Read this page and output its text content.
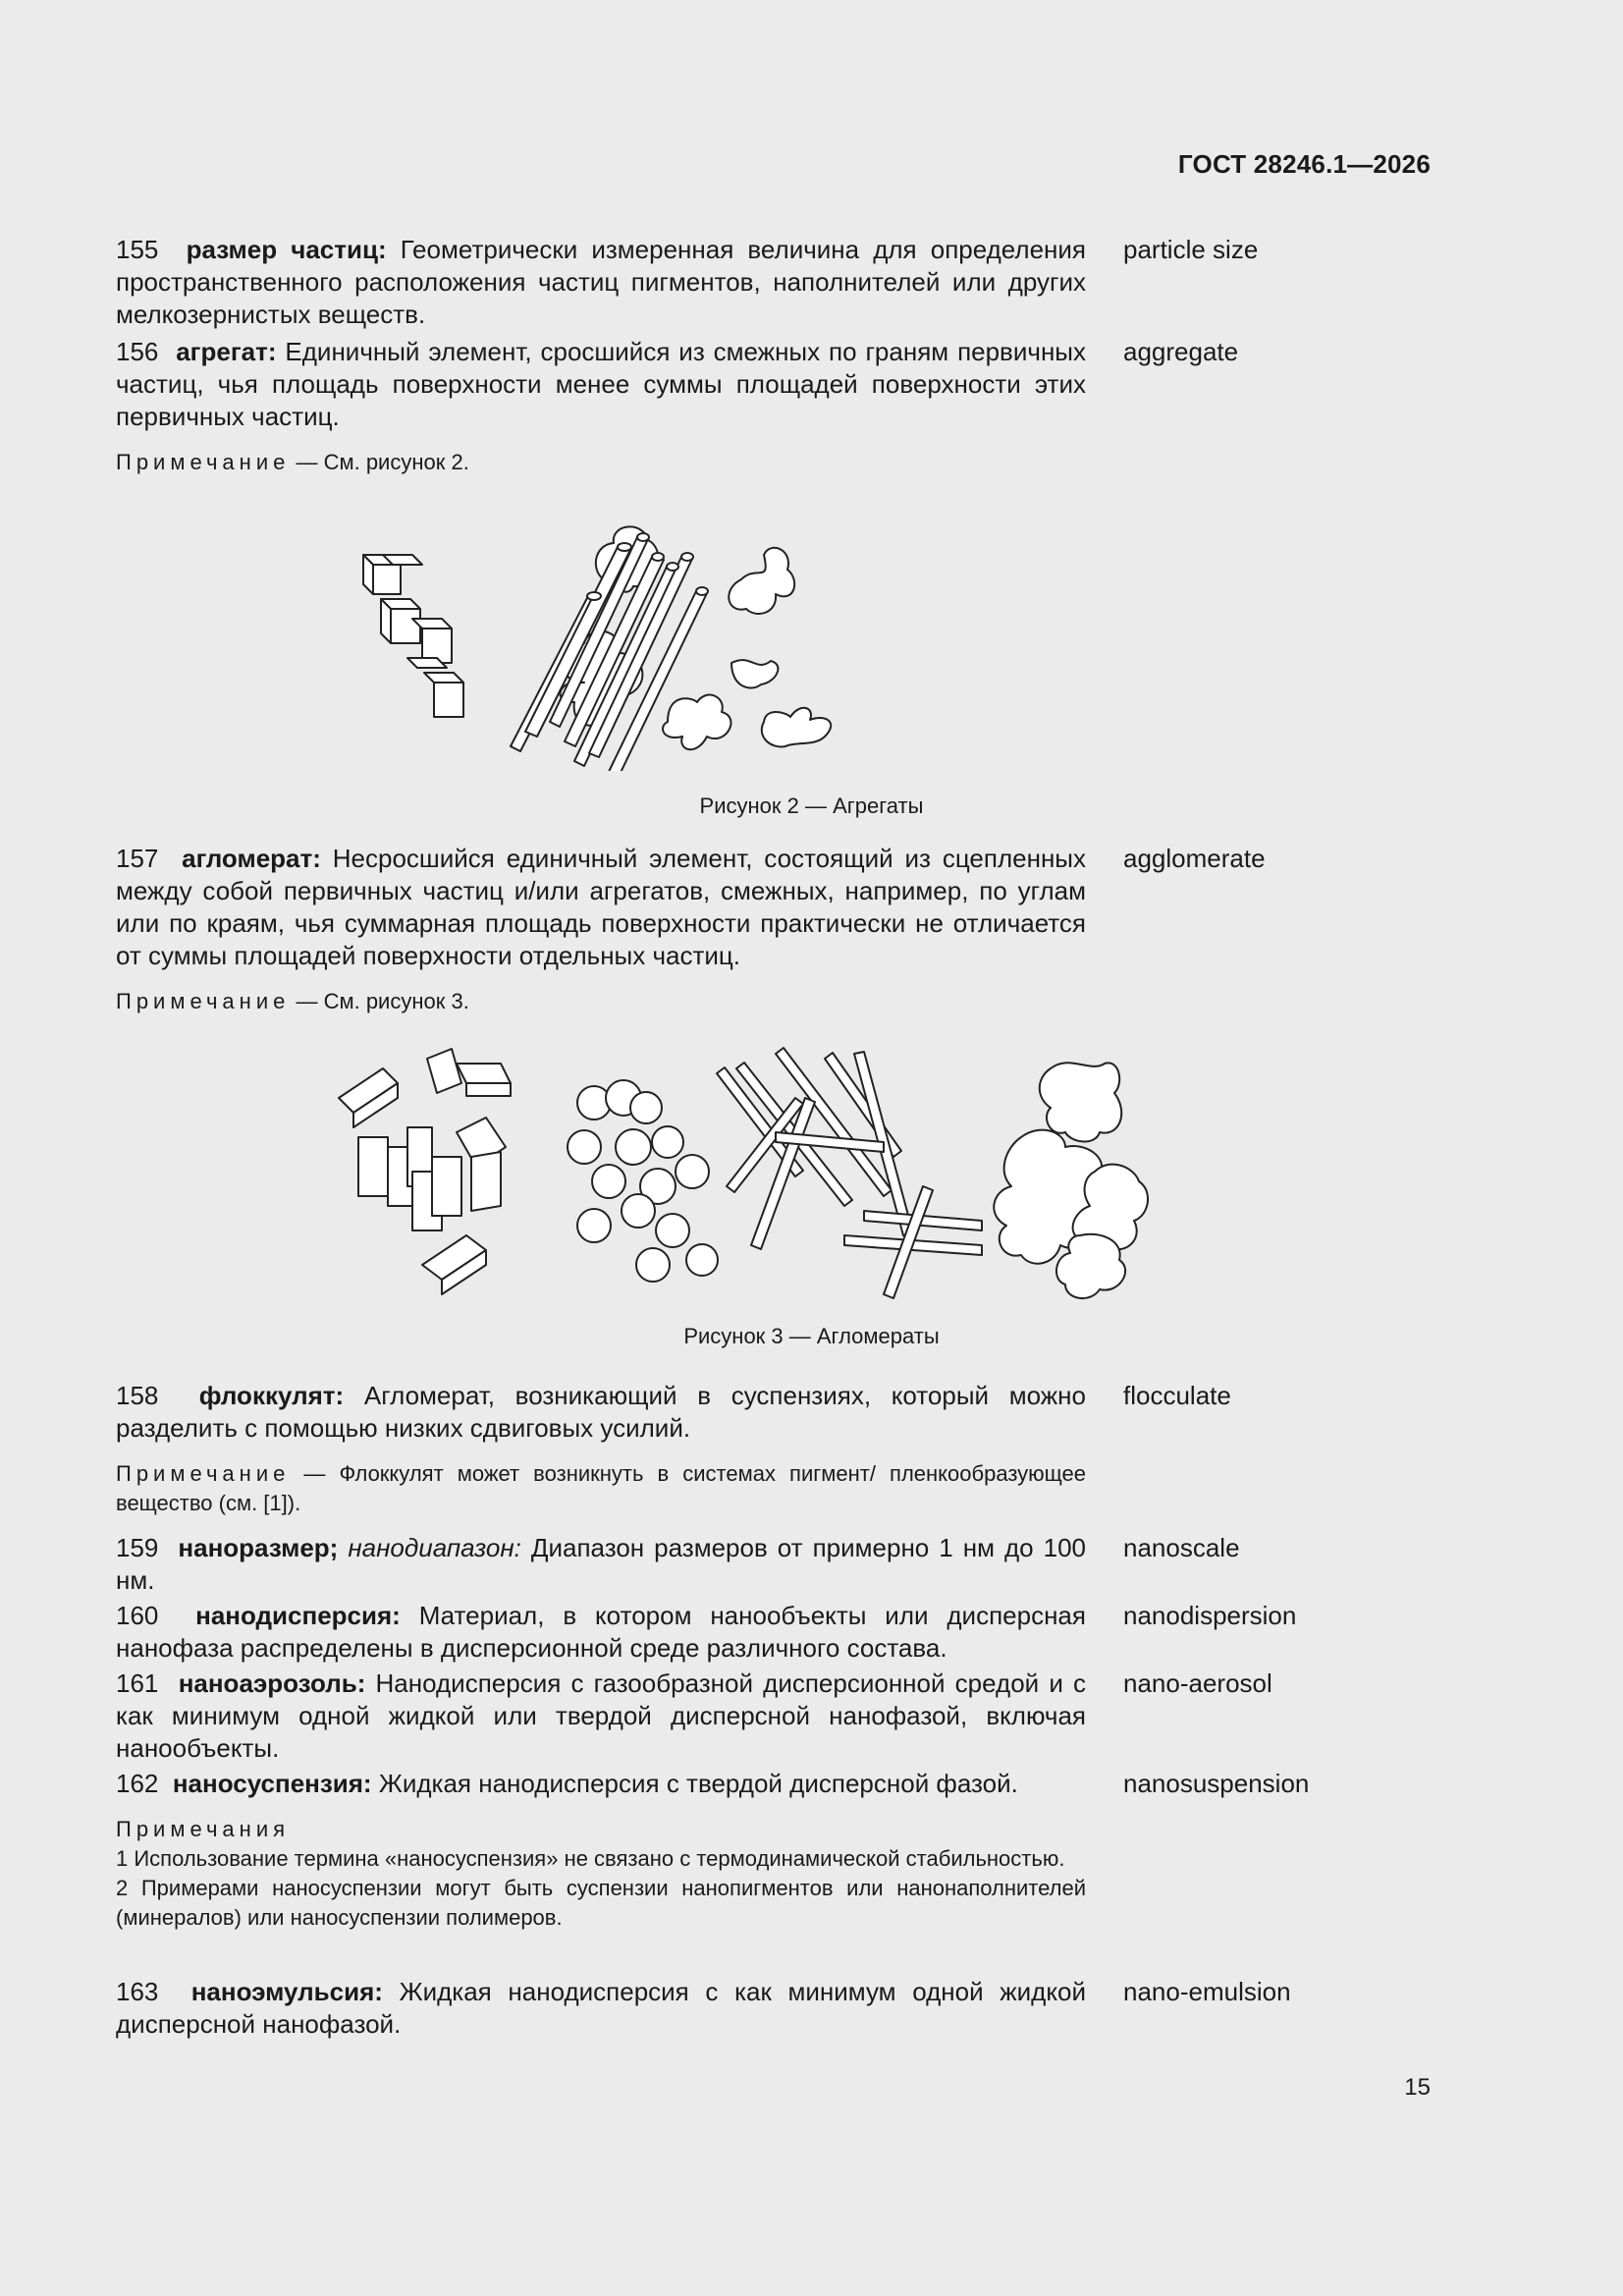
ГОСТ 28246.1—2026
155 размер частиц: Геометрически измеренная величина для определения пространственного расположения частиц пигментов, наполнителей или других мелкозернистых веществ.
particle size
156 агрегат: Единичный элемент, сросшийся из смежных по граням первичных частиц, чья площадь поверхности менее суммы площадей поверхности этих первичных частиц.
aggregate
Примечание — См. рисунок 2.
Рисунок 2 — Агрегаты
157 агломерат: Несросшийся единичный элемент, состоящий из сцепленных между собой первичных частиц и/или агрегатов, смежных, например, по углам или по краям, чья суммарная площадь поверхности практически не отличается от суммы площадей поверхности отдельных частиц.
agglomerate
Примечание — См. рисунок 3.
Рисунок 3 — Агломераты
158 флоккулят: Агломерат, возникающий в суспензиях, который можно разделить с помощью низких сдвиговых усилий.
flocculate
Примечание — Флоккулят может возникнуть в системах пигмент/ пленкообразующее вещество (см. [1]).
159 наноразмер; нанодиапазон: Диапазон размеров от примерно 1 нм до 100 нм.
nanoscale
160 нанодисперсия: Материал, в котором нанообъекты или дисперсная нанофаза распределены в дисперсионной среде различного состава.
nanodispersion
161 наноаэрозоль: Нанодисперсия с газообразной дисперсионной средой и с как минимум одной жидкой или твердой дисперсной нанофазой, включая нанообъекты.
nano-aerosol
162 наносуспензия: Жидкая нанодисперсия с твердой дисперсной фазой.	nanosuspension
Примечания
1 Использование термина «наносуспензия» не связано с термодинамической стабильностью.
2 Примерами наносуспензии могут быть суспензии нанопигментов или нанонаполнителей (минералов) или наносуспензии полимеров.
163 наноэмульсия: Жидкая нанодисперсия с как минимум одной жидкой дисперсной нанофазой.
nano-emulsion
15
